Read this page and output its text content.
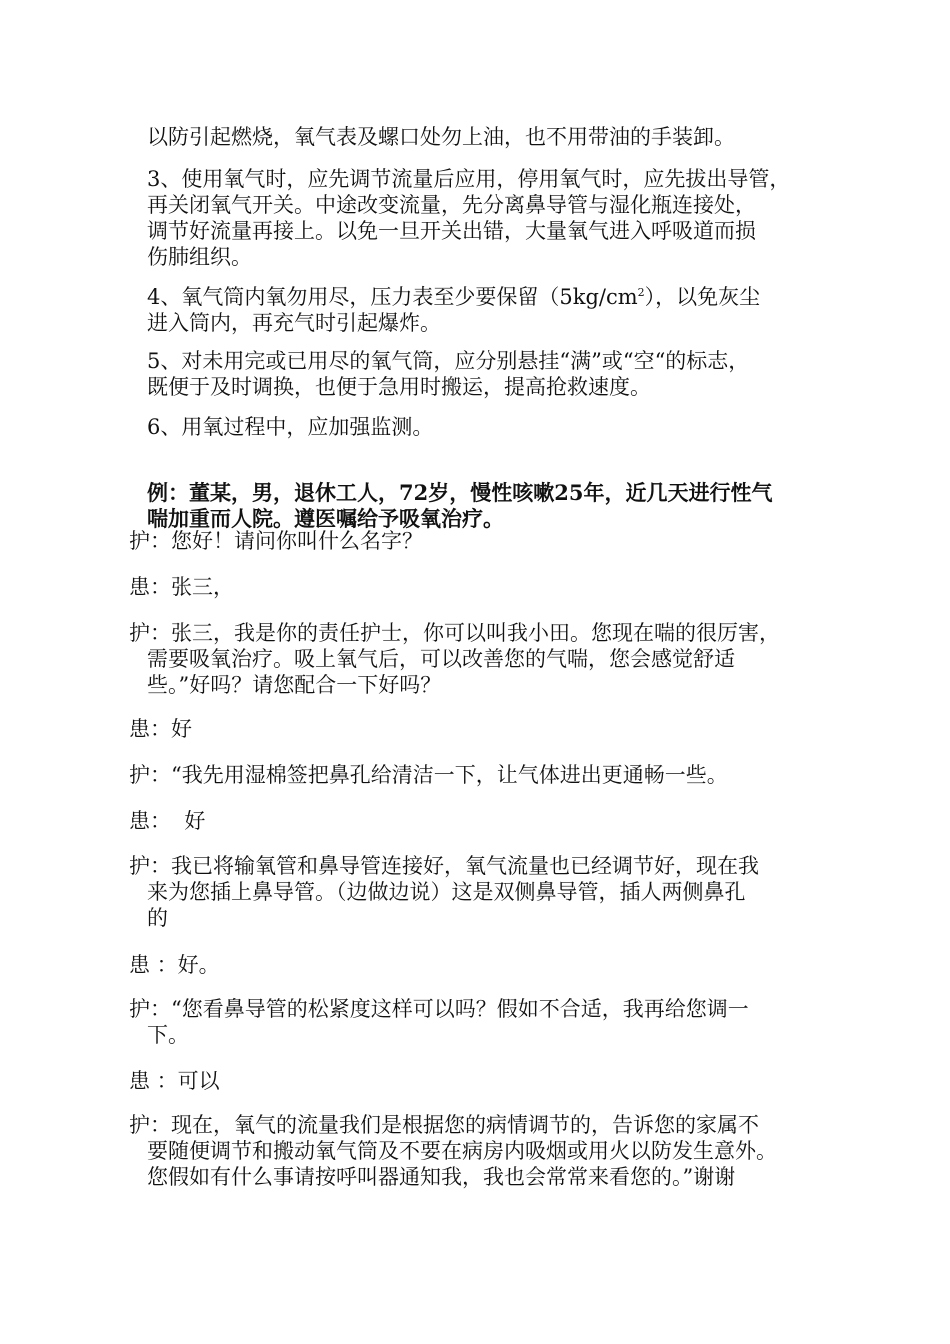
以防引起燃烧，氧气表及螺口处勿上油，也不用带油的手装卸。

3、使用氧气时，应先调节流量后应用，停用氧气时，应先拔出导管，
再关闭氧气开关。中途改变流量，先分离鼻导管与湿化瓶连接处，
调节好流量再接上。以免一旦开关出错，大量氧气进入呼吸道而损
伤肺组织。

4、氧气筒内氧勿用尽，压力表至少要保留$(5kg/cm^2)$，以免灰尘
进入筒内，再充气时引起爆炸。

5、对未用完或已用尽的氧气筒，应分别悬挂“满”或“空“的标志，
既便于及时调换，也便于急用时搬运，提高抢救速度。

6、用氧过程中，应加强监测。

例：董某，男，退休工人，72岁，慢性咳嗽25年，近几天进行性气
喘加重而人院。遵医嘱给予吸氧治疗。

护：您好！请问你叫什么名字？

患：张三，

护：张三，我是你的责任护士，你可以叫我小田。您现在喘的很厉害，
需要吸氧治疗。吸上氧气后，可以改善您的气喘，您会感觉舒适
些。”好吗？请您配合一下好吗？

患：好

护：“我先用湿棉签把鼻孔给清洁一下，让气体进出更通畅一些。

患：  好

护：我已将输氧管和鼻导管连接好，氧气流量也已经调节好，现在我
来为您插上鼻导管。（边做边说）这是双侧鼻导管，插人两侧鼻孔
的

患 ：好。

护：“您看鼻导管的松紧度这样可以吗？假如不合适，我再给您调一
下。

患 ：可以

护：现在，氧气的流量我们是根据您的病情调节的，告诉您的家属不
要随便调节和搬动氧气筒及不要在病房内吸烟或用火以防发生意外。
您假如有什么事请按呼叫器通知我，我也会常常来看您的。”谢谢
